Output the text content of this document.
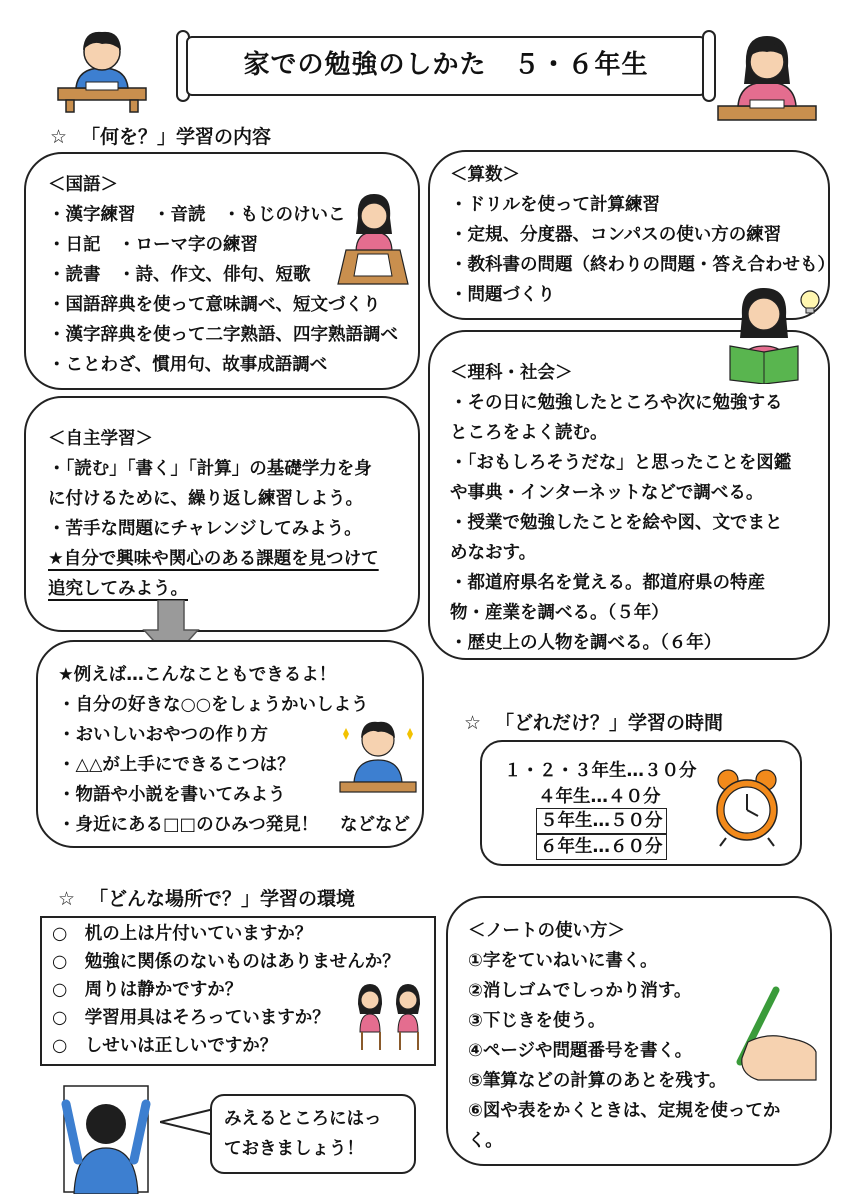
家での勉強のしかた　５・６年生
☆ 「何を？」学習の内容
＜国語＞
・漢字練習　・音読　・もじのけいこ
・日記　・ローマ字の練習
・読書　・詩、作文、俳句、短歌
・国語辞典を使って意味調べ、短文づくり
・漢字辞典を使って二字熟語、四字熟語調べ
・ことわざ、慣用句、故事成語調べ
＜算数＞
・ドリルを使って計算練習
・定規、分度器、コンパスの使い方の練習
・教科書の問題（終わりの問題・答え合わせも）
・問題づくり
＜自主学習＞
・「読む」「書く」「計算」の基礎学力を身
に付けるために、繰り返し練習しよう。
・苦手な問題にチャレンジしてみよう。
★自分で興味や関心のある課題を見つけて
追究してみよう。
＜理科・社会＞
・その日に勉強したところや次に勉強する
ところをよく読む。
・「おもしろそうだな」と思ったことを図鑑
や事典・インターネットなどで調べる。
・授業で勉強したことを絵や図、文でまと
めなおす。
・都道府県名を覚える。都道府県の特産
物・産業を調べる。（５年）
・歴史上の人物を調べる。（６年）
★例えば…こんなこともできるよ！
・自分の好きな○○をしょうかいしよう
・おいしいおやつの作り方
・△△が上手にできるこつは？
・物語や小説を書いてみよう
・身近にある□□のひみつ発見！	などなど
☆ 「どれだけ？」学習の時間
１・２・３年生…３０分
４年生…４０分
５年生…５０分
６年生…６０分
☆ 「どんな場所で？」学習の環境
○　机の上は片付いていますか？
○　勉強に関係のないものはありませんか？
○　周りは静かですか？
○　学習用具はそろっていますか？
○　しせいは正しいですか？
＜ノートの使い方＞
①字をていねいに書く。
②消しゴムでしっかり消す。
③下じきを使う。
④ページや問題番号を書く。
⑤筆算などの計算のあとを残す。
⑥図や表をかくときは、定規を使ってか
く。
みえるところにはっ
ておきましょう！
